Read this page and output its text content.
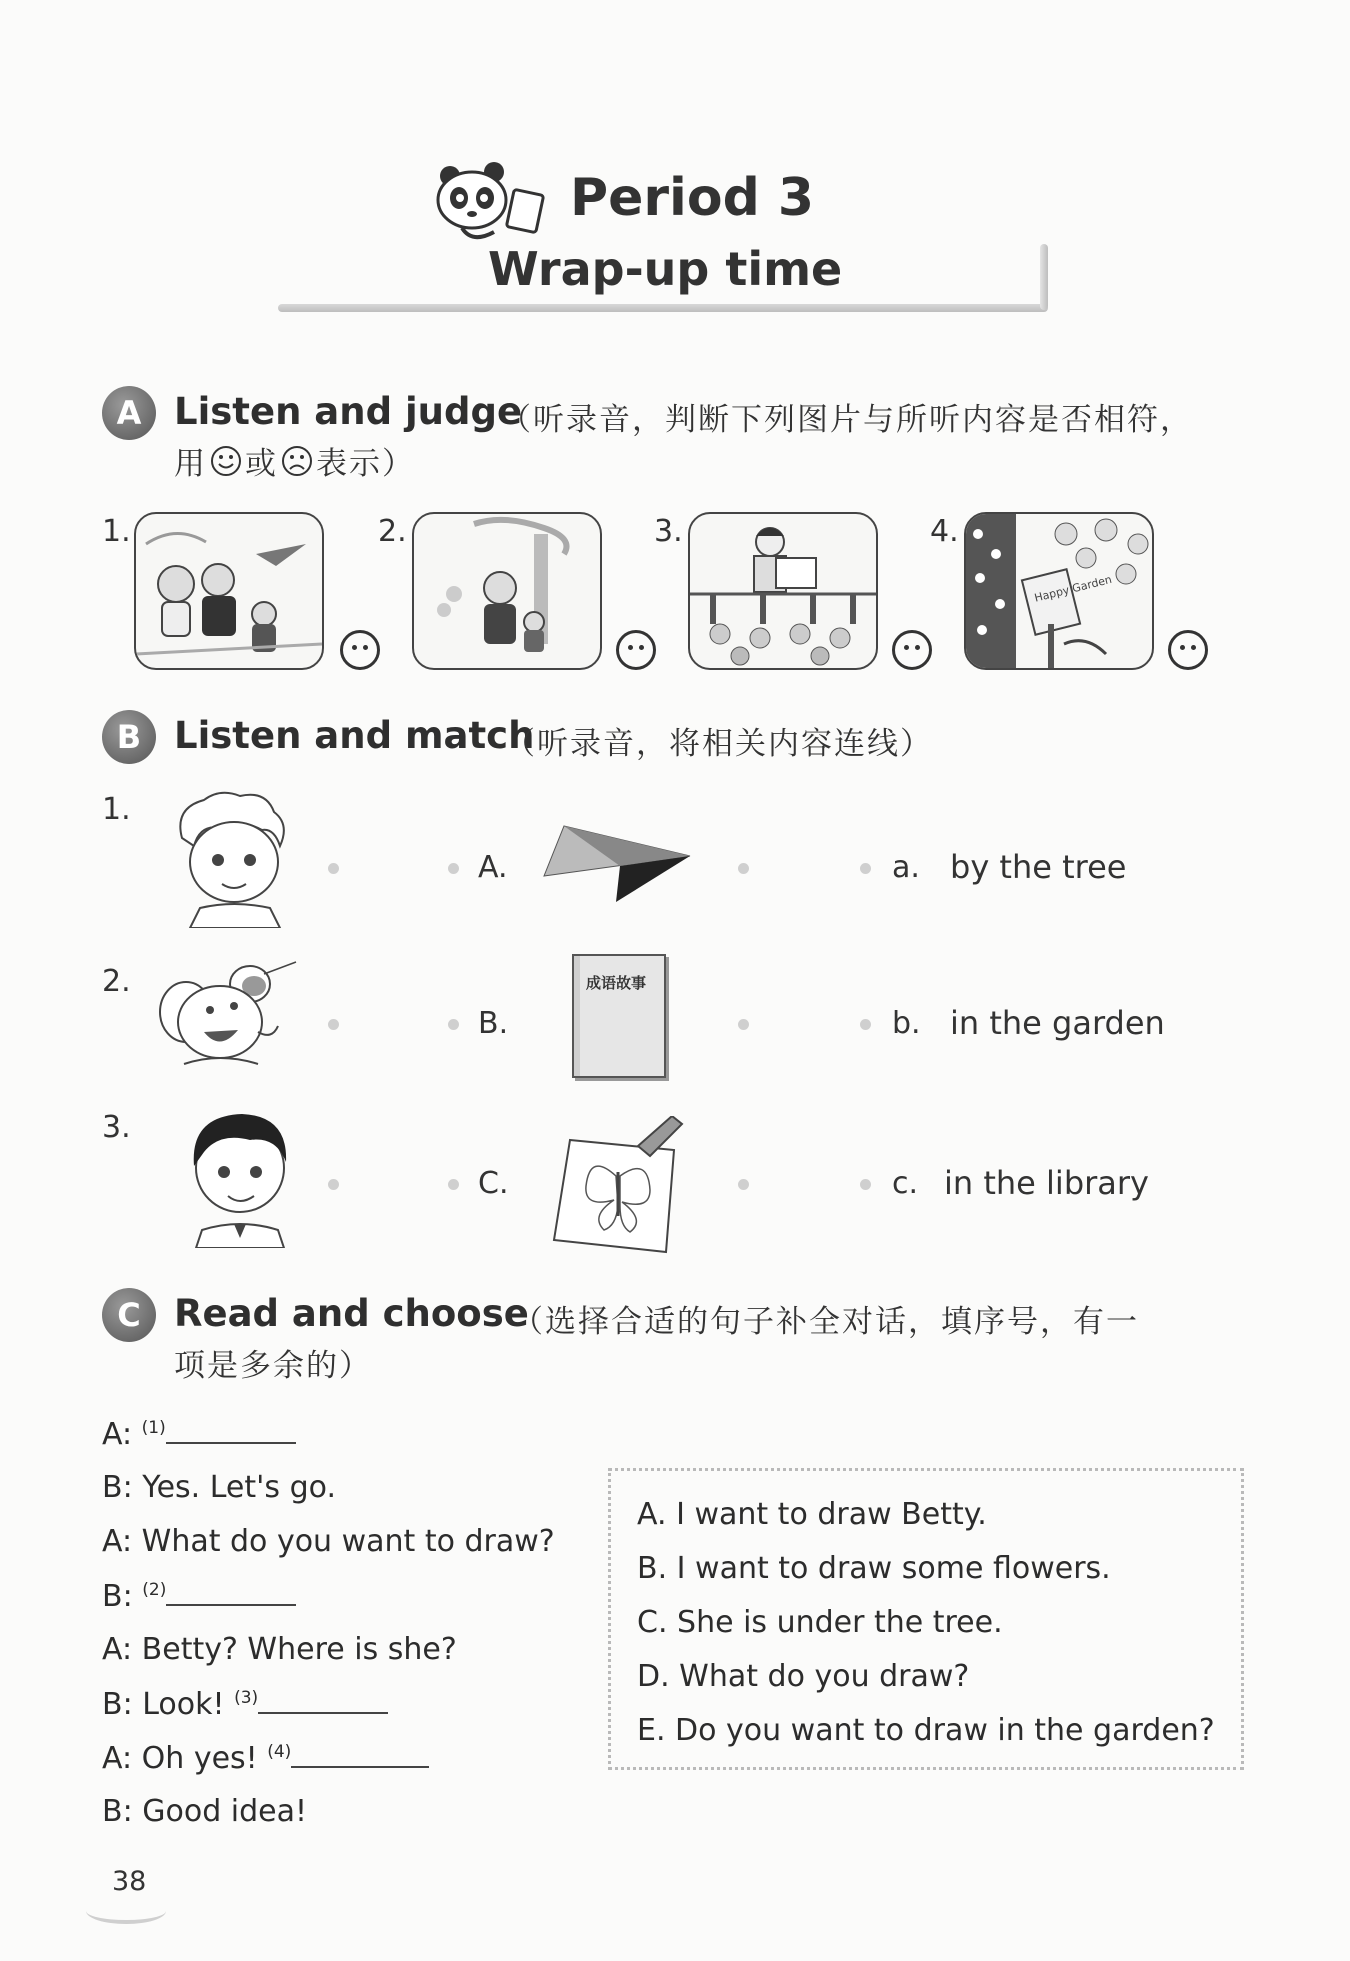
Period 3
Wrap-up time
A Listen and judge
（听录音，判断下列图片与所听内容是否相符，
用 或 表示）
1.	2.	3.	4.
Happy Garden
B Listen and match
（听录音，将相关内容连线）
1.
A.	a. by the tree
2.
B.
成语故事
b. in the garden
3.
C.	c. in the library
C Read and choose
（选择合适的句子补全对话，填序号，有一
项是多余的）
A: $^{(1)}$
B: Yes. Let's go.
A: What do you want to draw?
B: $^{(2)}$
A: Betty? Where is she?
B: Look! $^{(3)}$
A: Oh yes! $^{(4)}$
B: Good idea!
A. I want to draw Betty.
B. I want to draw some flowers.
C. She is under the tree.
D. What do you draw?
E. Do you want to draw in the garden?
38
